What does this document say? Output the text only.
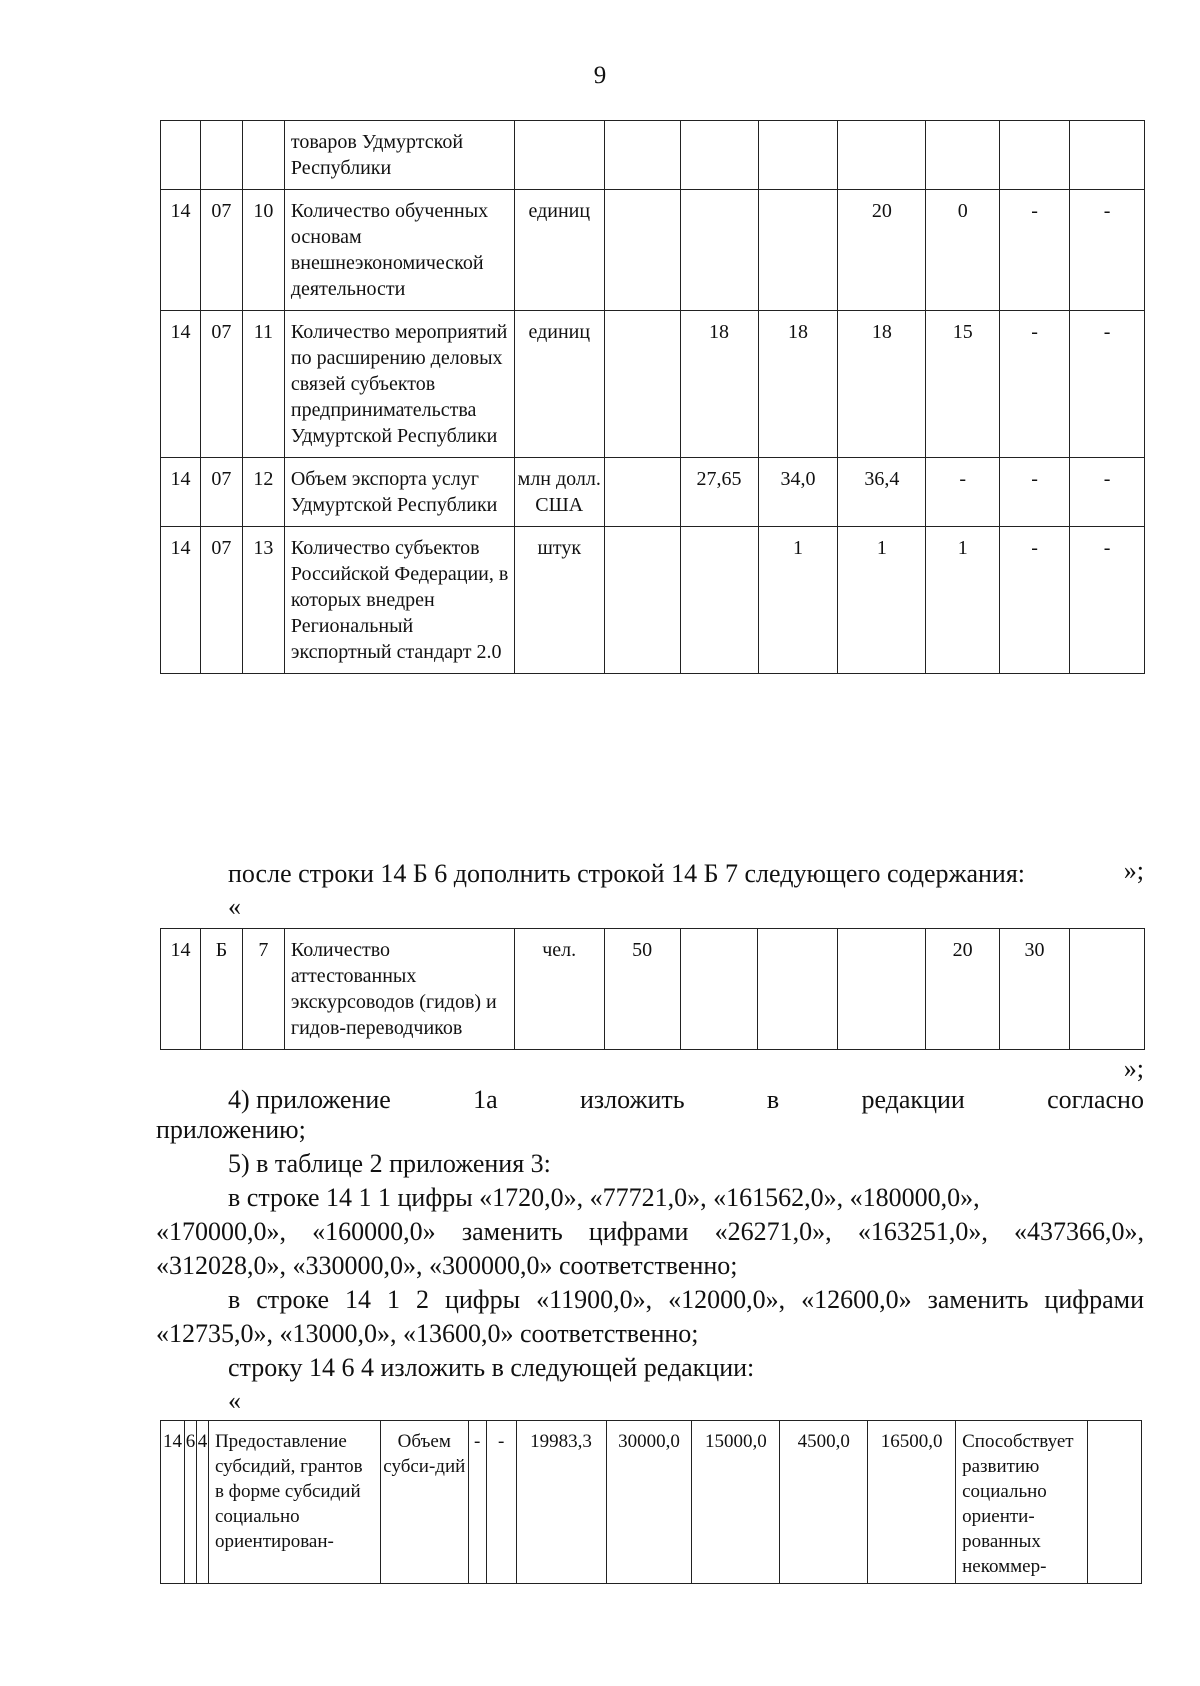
9
			товаров Удмуртской Республики								
14	07	10	Количество обученных основам внешнеэкономической деятельности	единиц				20	0	-	-
14	07	11	Количество мероприятий по расширению деловых связей субъектов предпринимательства Удмуртской Республики	единиц		18	18	18	15	-	-
14	07	12	Объем экспорта услуг Удмуртской Республики	млн долл. США		27,65	34,0	36,4	-	-	-
14	07	13	Количество субъектов Российской Федерации, в которых внедрен Региональный экспортный стандарт 2.0	штук			1	1	1	-	-
»;

после строки 14 Б 6 дополнить строкой 14 Б 7 следующего содержания:

«
14	Б	7	Количество аттестованных экскурсоводов (гидов) и гидов-переводчиков	чел.	50				20	30	
»;
4) приложение	1а	изложить	в	редакции	согласно

приложению;

5) в таблице 2 приложения 3:

в строке 14 1 1 цифры «1720,0», «77721,0», «161562,0», «180000,0»,
«170000,0», «160000,0» заменить цифрами «26271,0», «163251,0», «437366,0»,

«312028,0», «330000,0», «300000,0» соответственно;

в строке 14 1 2 цифры «11900,0», «12000,0», «12600,0» заменить цифрами

«12735,0», «13000,0», «13600,0» соответственно;

строку 14 6 4 изложить в следующей редакции:

«
14	6	4	Предоставление субсидий, грантов в форме субсидий социально ориентирован-	Объем субси-дий	-	-	19983,3	30000,0	15000,0	4500,0	16500,0	Способствует развитию социально ориенти-рованных некоммер-	
